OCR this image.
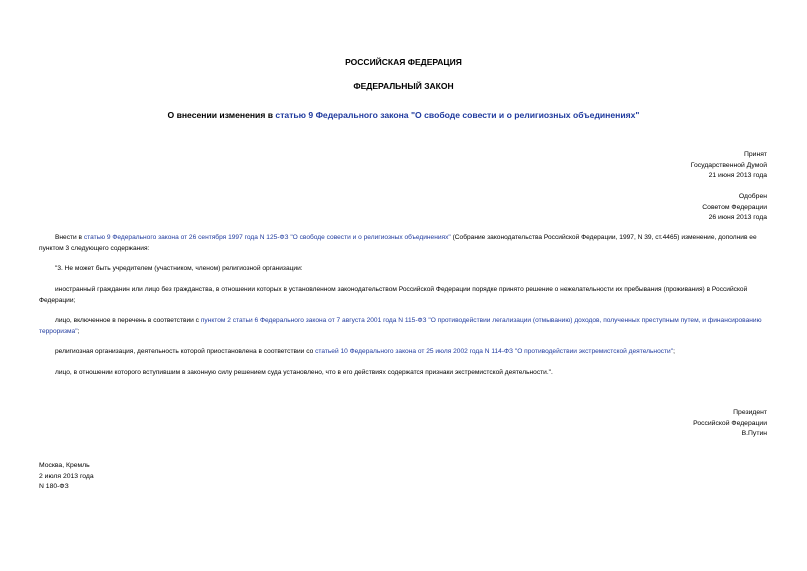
РОССИЙСКАЯ ФЕДЕРАЦИЯ
ФЕДЕРАЛЬНЫЙ ЗАКОН
О внесении изменения в статью 9 Федерального закона "О свободе совести и о религиозных объединениях"
Принят
Государственной Думой
21 июня 2013 года
Одобрен
Советом Федерации
26 июня 2013 года
Внести в статью 9 Федерального закона от 26 сентября 1997 года N 125-ФЗ "О свободе совести и о религиозных объединениях" (Собрание законодательства Российской Федерации, 1997, N 39, ст.4465) изменение, дополнив ее пунктом 3 следующего содержания:
"3. Не может быть учредителем (участником, членом) религиозной организации:
иностранный гражданин или лицо без гражданства, в отношении которых в установленном законодательством Российской Федерации порядке принято решение о нежелательности их пребывания (проживания) в Российской Федерации;
лицо, включенное в перечень в соответствии с пунктом 2 статьи 6 Федерального закона от 7 августа 2001 года N 115-ФЗ "О противодействии легализации (отмыванию) доходов, полученных преступным путем, и финансированию терроризма";
религиозная организация, деятельность которой приостановлена в соответствии со статьей 10 Федерального закона от 25 июля 2002 года N 114-ФЗ "О противодействии экстремистской деятельности";
лицо, в отношении которого вступившим в законную силу решением суда установлено, что в его действиях содержатся признаки экстремистской деятельности.".
Президент
Российской Федерации
В.Путин
Москва, Кремль
2 июля 2013 года
N 180-ФЗ
